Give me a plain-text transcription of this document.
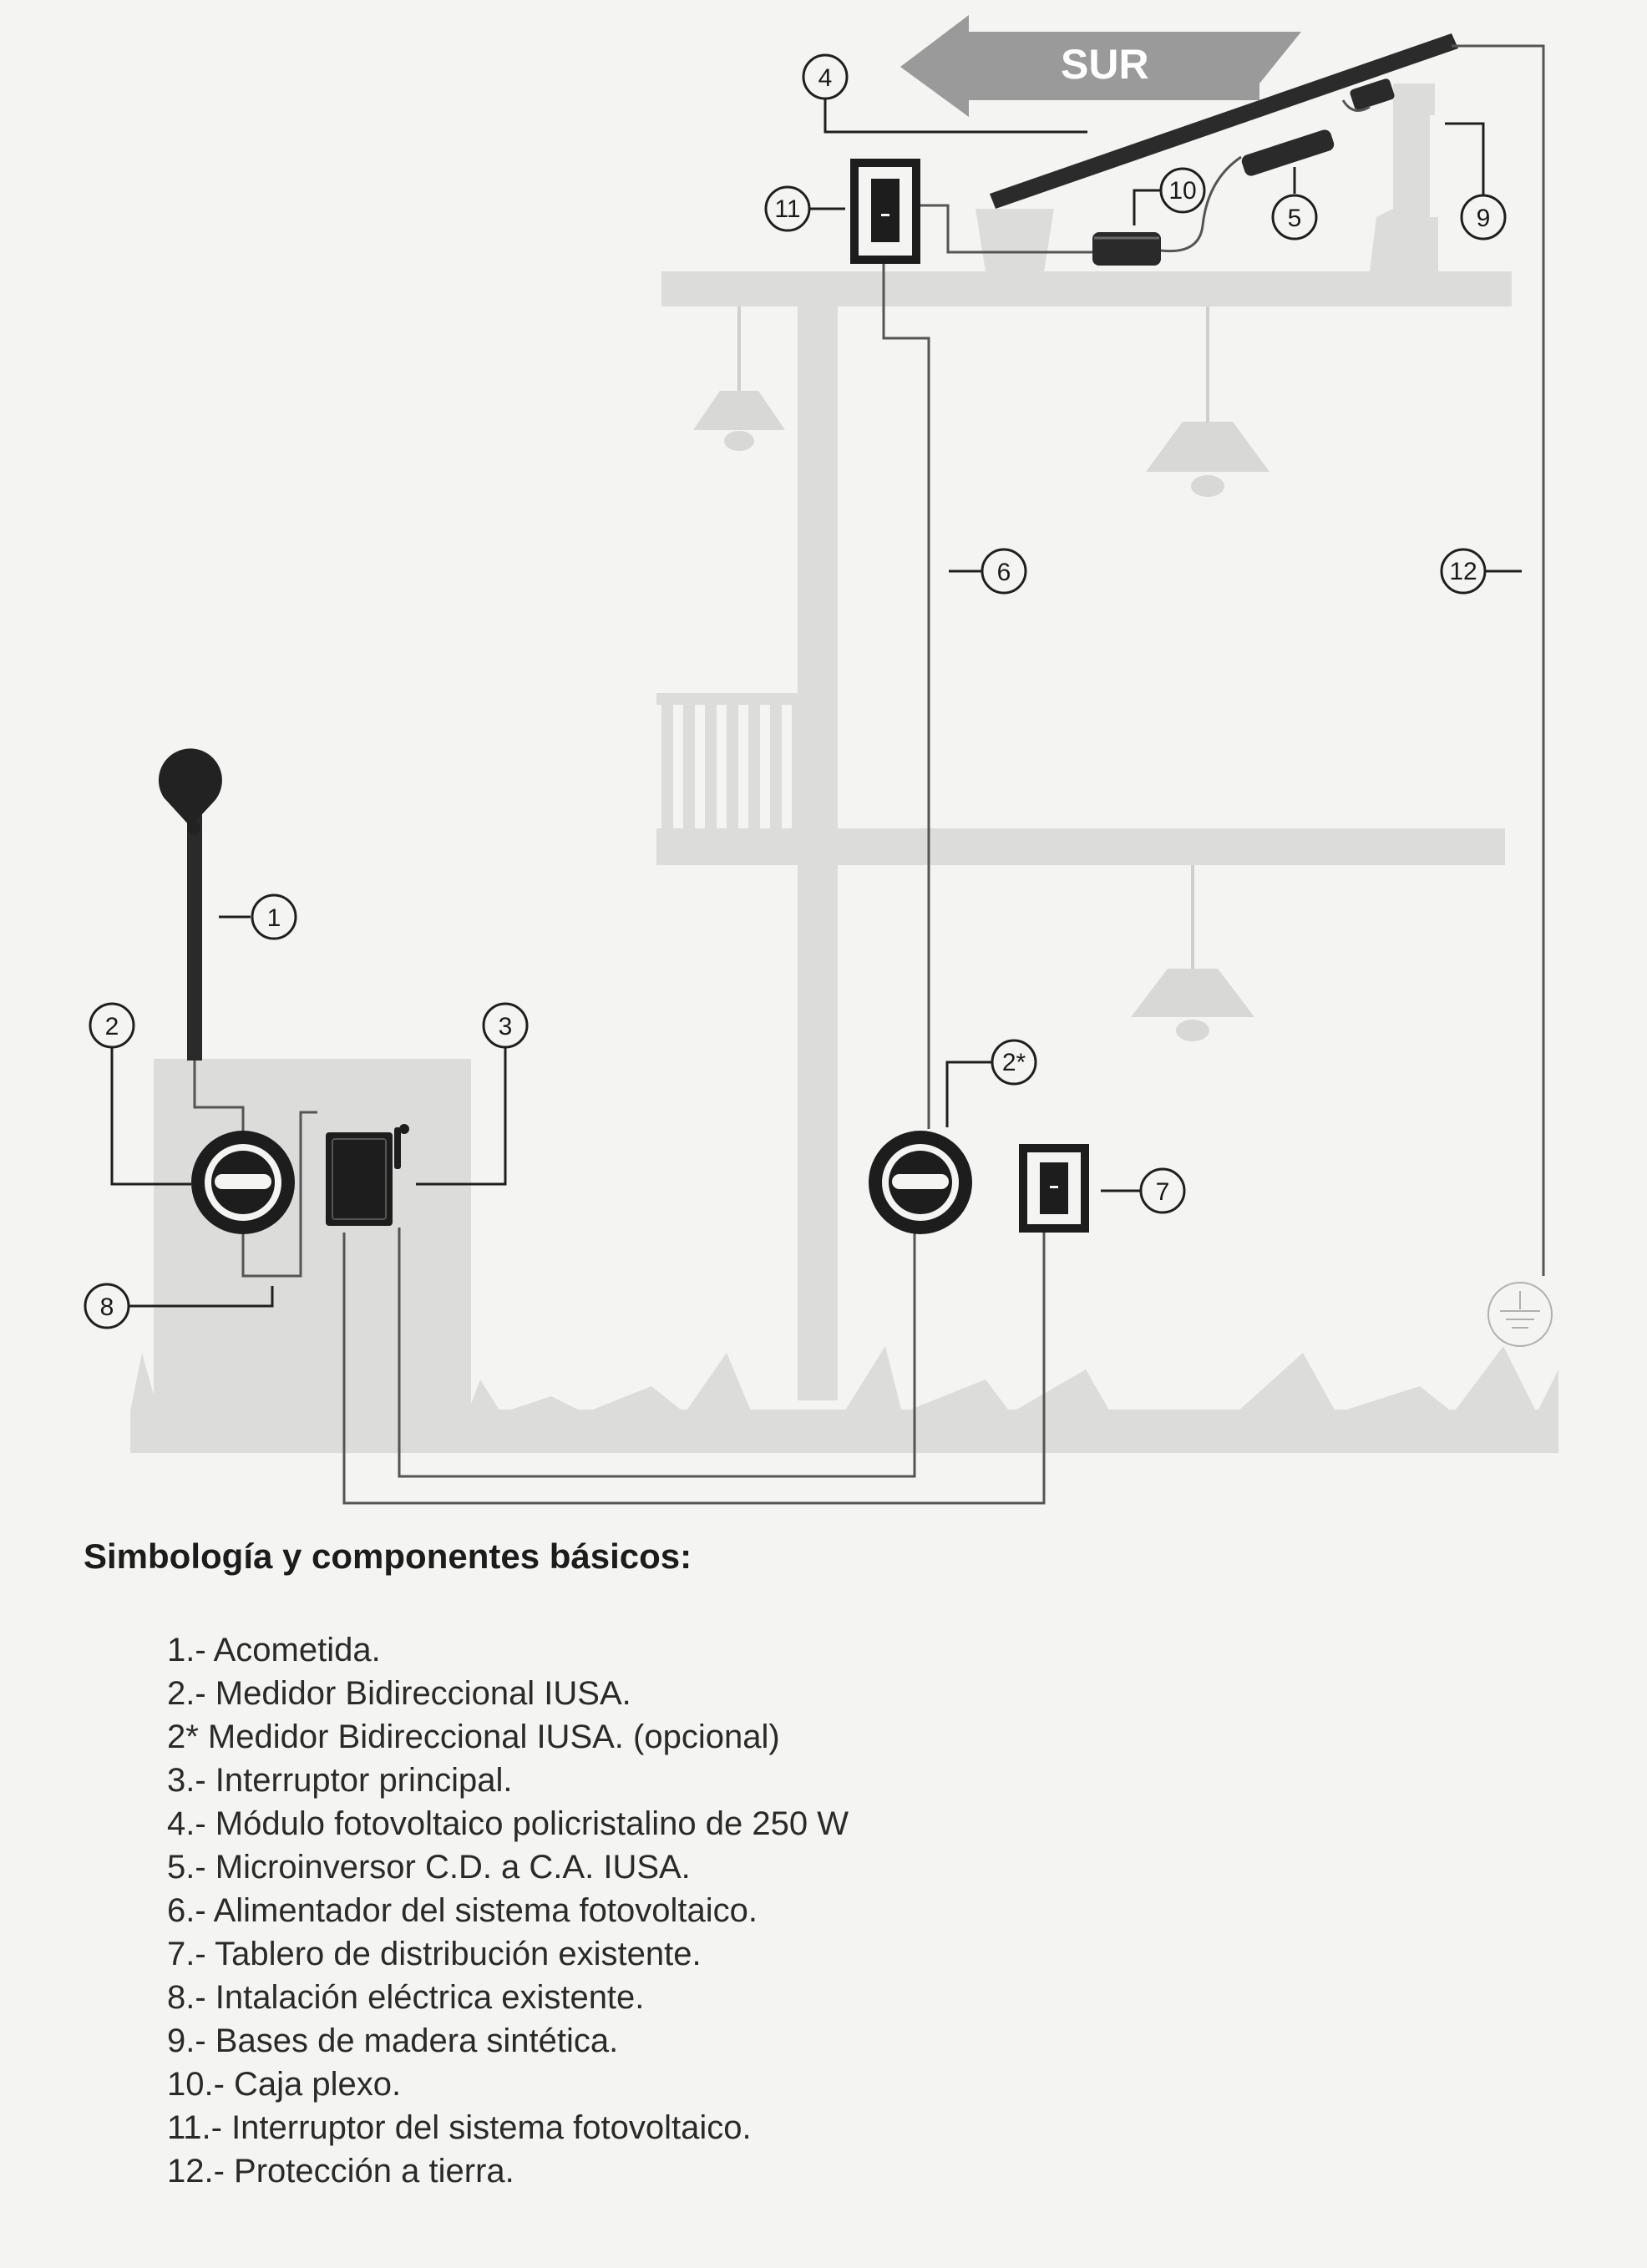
SUR
1
2	3
8
2*
7
6	12
11
4
10
5	9
Simbología y componentes básicos:
1.- Acometida.
2.- Medidor Bidireccional IUSA.
2* Medidor Bidireccional IUSA. (opcional)
3.- Interruptor principal.
4.- Módulo fotovoltaico policristalino de 250 W
5.- Microinversor C.D. a C.A. IUSA.
6.- Alimentador del sistema fotovoltaico.
7.- Tablero de distribución existente.
8.- Intalación eléctrica existente.
9.- Bases de madera sintética.
10.- Caja plexo.
11.- Interruptor del sistema fotovoltaico.
12.- Protección a tierra.
